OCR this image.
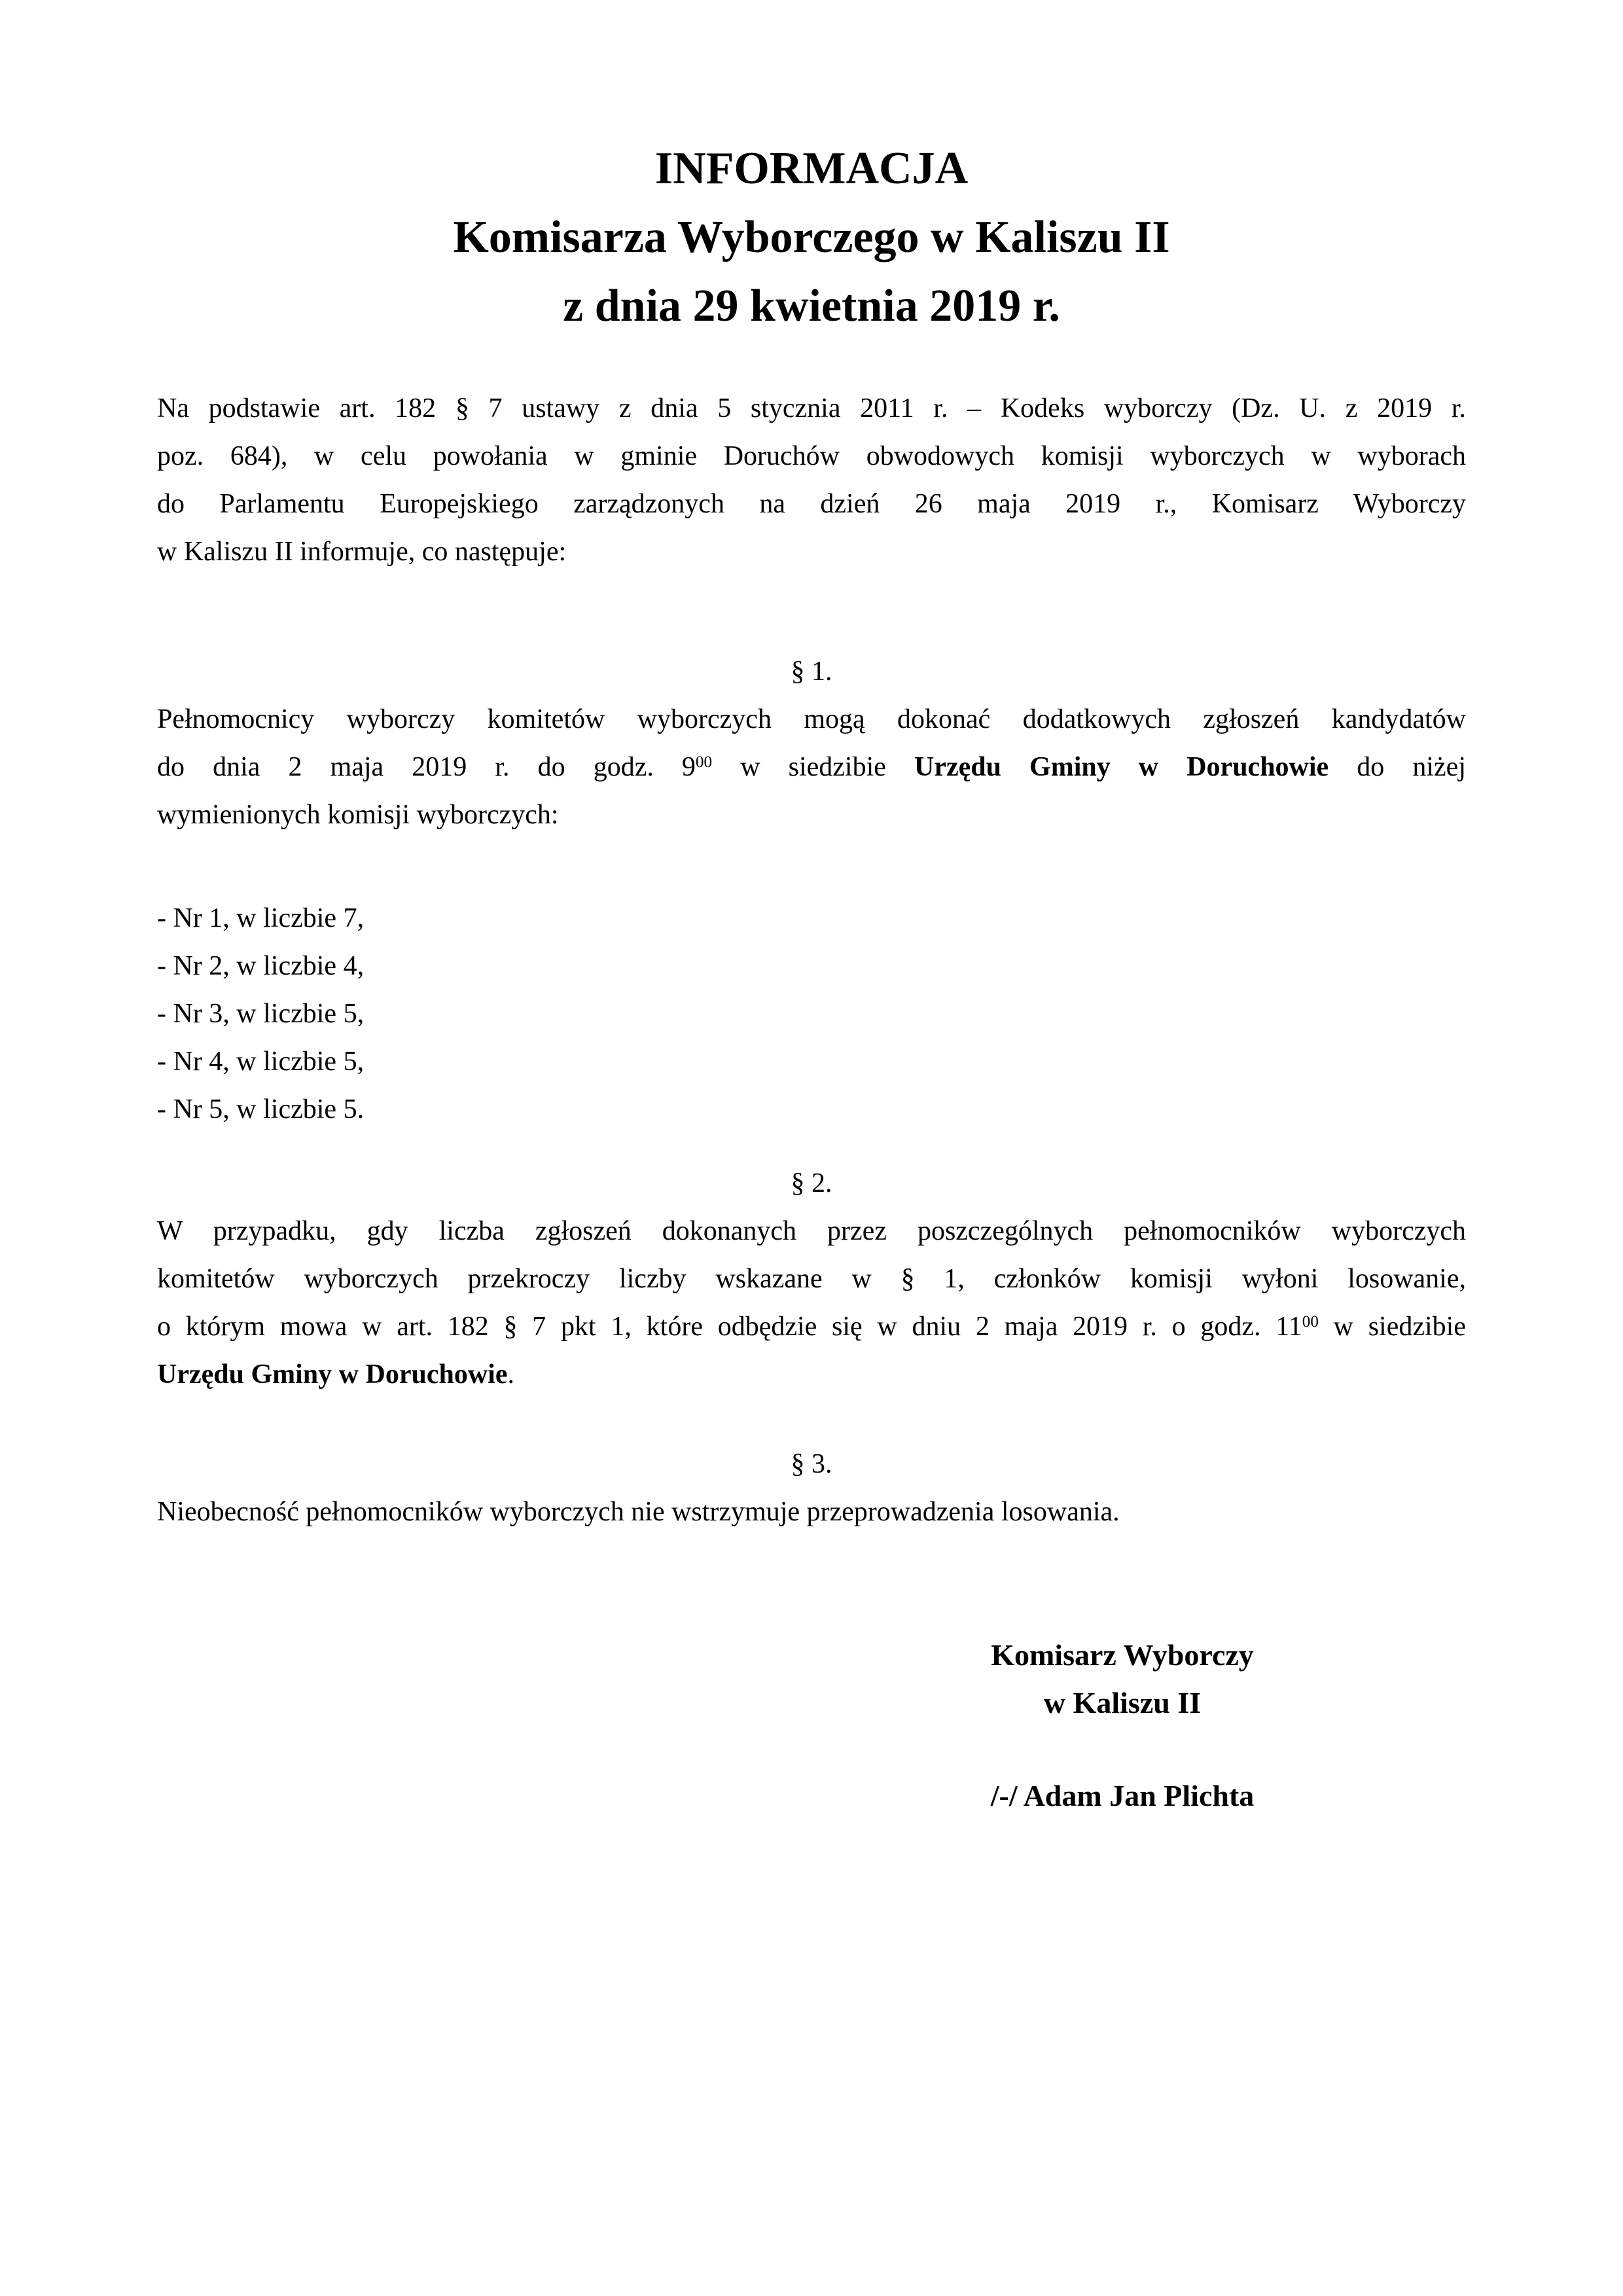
INFORMACJA
Komisarza Wyborczego w Kaliszu II
z dnia 29 kwietnia 2019 r.
Na podstawie art. 182 § 7 ustawy z dnia 5 stycznia 2011 r. – Kodeks wyborczy (Dz. U. z 2019 r.
poz. 684), w celu powołania w gminie Doruchów obwodowych komisji wyborczych w wyborach
do Parlamentu Europejskiego zarządzonych na dzień 26 maja 2019 r., Komisarz Wyborczy
w Kaliszu II informuje, co następuje:
§ 1.
Pełnomocnicy wyborczy komitetów wyborczych mogą dokonać dodatkowych zgłoszeń kandydatów
do dnia 2 maja 2019 r. do godz. $9^{00}$ w siedzibie Urzędu Gminy w Doruchowie do niżej
wymienionych komisji wyborczych:
- Nr 1, w liczbie 7,
- Nr 2, w liczbie 4,
- Nr 3, w liczbie 5,
- Nr 4, w liczbie 5,
- Nr 5, w liczbie 5.
§ 2.
W przypadku, gdy liczba zgłoszeń dokonanych przez poszczególnych pełnomocników wyborczych
komitetów wyborczych przekroczy liczby wskazane w § 1, członków komisji wyłoni losowanie,
o którym mowa w art. 182 § 7 pkt 1, które odbędzie się w dniu 2 maja 2019 r. o godz. $11^{00}$ w siedzibie
Urzędu Gminy w Doruchowie.
§ 3.
Nieobecność pełnomocników wyborczych nie wstrzymuje przeprowadzenia losowania.
Komisarz Wyborczy
w Kaliszu II
/-/ Adam Jan Plichta
